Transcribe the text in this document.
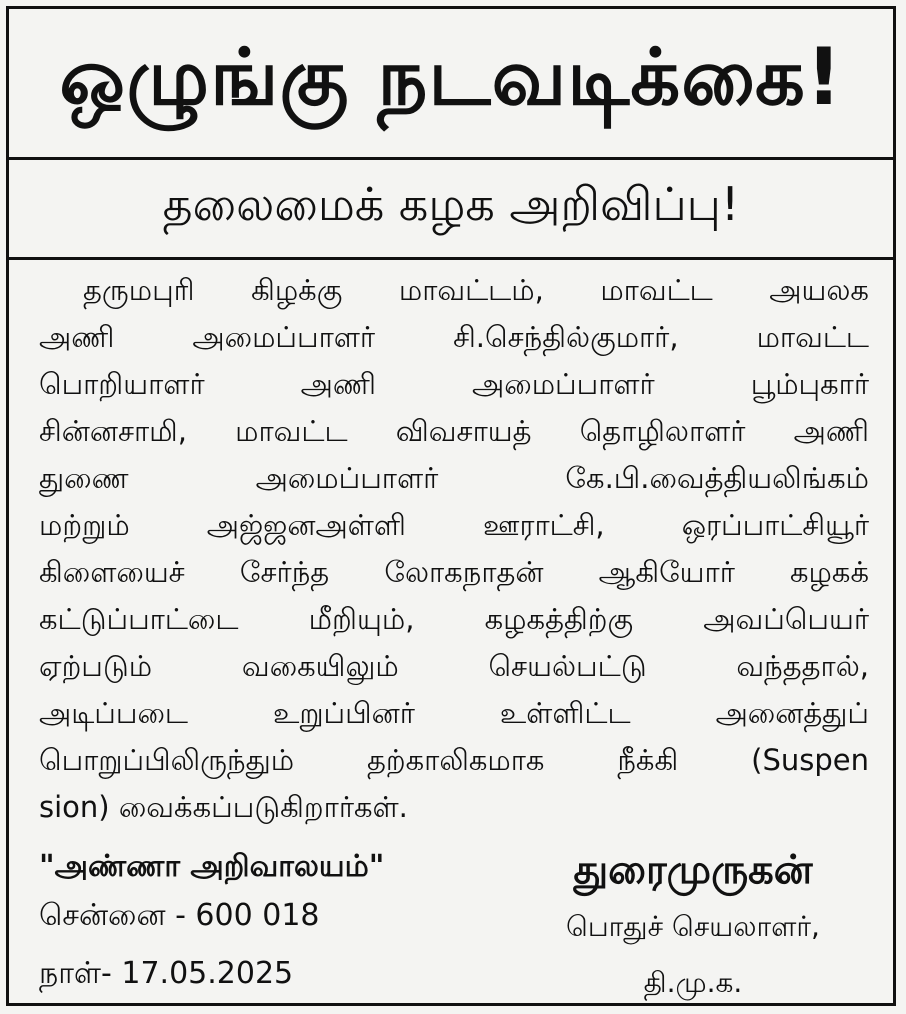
ஒழுங்கு நடவடிக்கை!
தலைமைக் கழக அறிவிப்பு!
தருமபுரி கிழக்கு மாவட்டம், மாவட்ட அயலக
அணி அமைப்பாளர் சி.செந்தில்குமார், மாவட்ட
பொறியாளர் அணி அமைப்பாளர் பூம்புகார்
சின்னசாமி, மாவட்ட விவசாயத் தொழிலாளர் அணி
துணை அமைப்பாளர் கே.பி.வைத்தியலிங்கம்
மற்றும் அஜ்ஜனஅள்ளி ஊராட்சி, ஒரப்பாட்சியூர்
கிளையைச் சேர்ந்த லோகநாதன் ஆகியோர் கழகக்
கட்டுப்பாட்டை மீறியும், கழகத்திற்கு அவப்பெயர்
ஏற்படும் வகையிலும் செயல்பட்டு வந்ததால்,
அடிப்படை உறுப்பினர் உள்ளிட்ட அனைத்துப்
பொறுப்பிலிருந்தும் தற்காலிகமாக நீக்கி (Suspen
sion) வைக்கப்படுகிறார்கள்.
"அண்ணா அறிவாலயம்"
சென்னை - 600 018
நாள்- 17.05.2025
துரைமுருகன்
பொதுச் செயலாளர்,
தி.மு.க.
